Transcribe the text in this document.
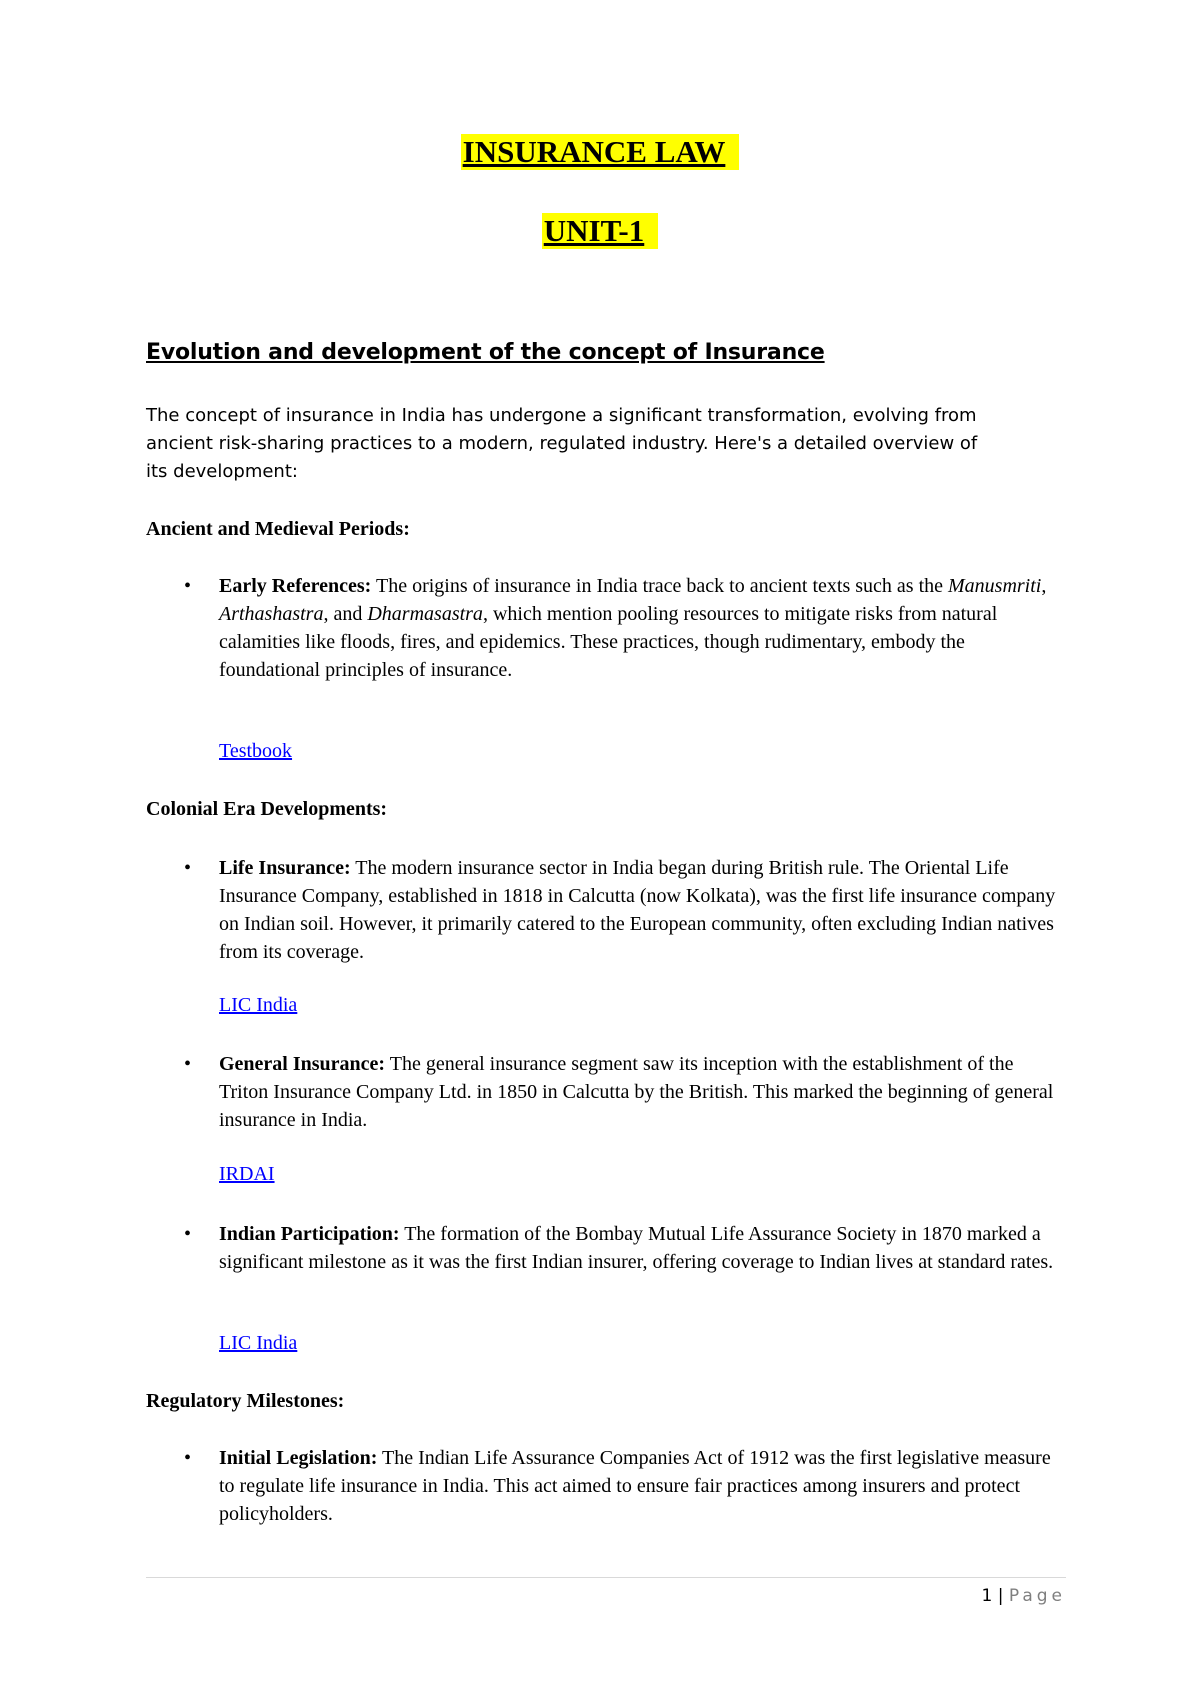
INSURANCE LAW
UNIT-1
Evolution and development of the concept of Insurance

The concept of insurance in India has undergone a significant transformation, evolving from

ancient risk-sharing practices to a modern, regulated industry. Here's a detailed overview of

its development:

Ancient and Medieval Periods:
• Early References: The origins of insurance in India trace back to ancient texts such as the Manusmriti, Arthashastra, and Dharmasastra, which mention pooling resources to mitigate risks from natural calamities like floods, fires, and epidemics. These practices, though rudimentary, embody the foundational principles of insurance.
Testbook
Colonial Era Developments:
• Life Insurance: The modern insurance sector in India began during British rule. The Oriental Life Insurance Company, established in 1818 in Calcutta (now Kolkata), was the first life insurance company on Indian soil. However, it primarily catered to the European community, often excluding Indian natives from its coverage.
LIC India
• General Insurance: The general insurance segment saw its inception with the establishment of the Triton Insurance Company Ltd. in 1850 in Calcutta by the British. This marked the beginning of general insurance in India.
IRDAI
• Indian Participation: The formation of the Bombay Mutual Life Assurance Society in 1870 marked a significant milestone as it was the first Indian insurer, offering coverage to Indian lives at standard rates.
LIC India
Regulatory Milestones:
• Initial Legislation: The Indian Life Assurance Companies Act of 1912 was the first legislative measure to regulate life insurance in India. This act aimed to ensure fair practices among insurers and protect policyholders.
1 | Page
